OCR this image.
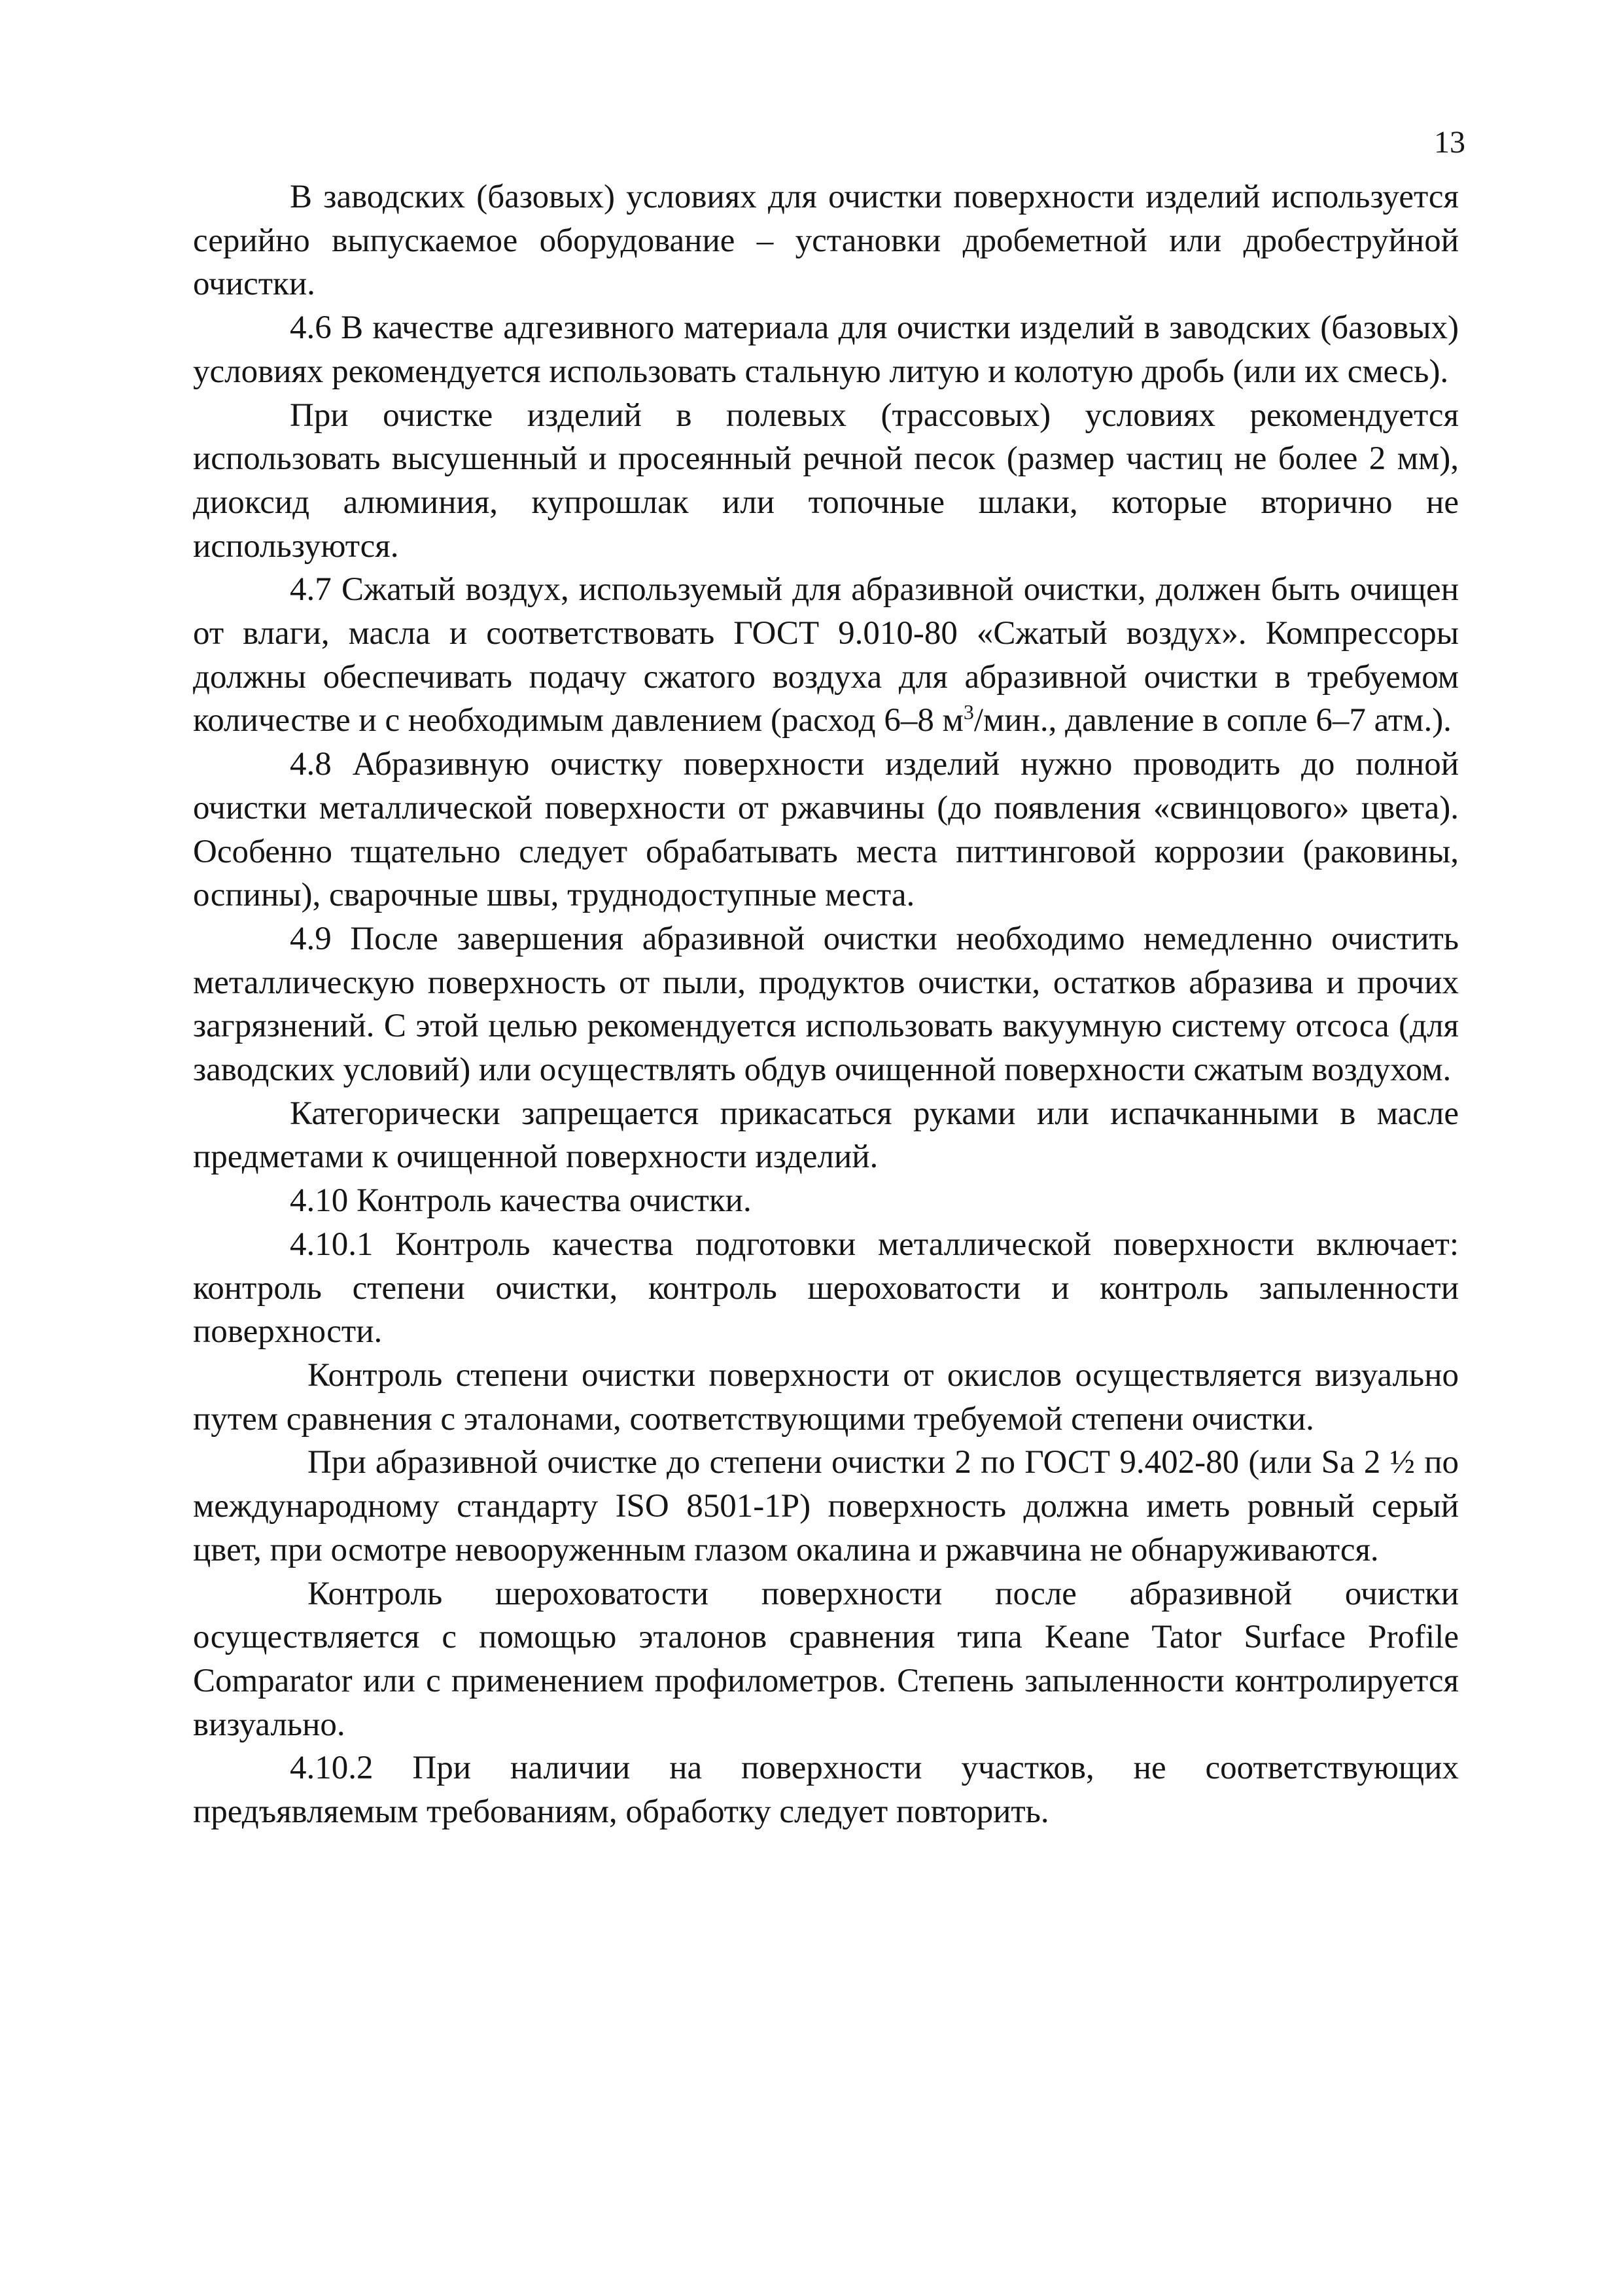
13

В заводских (базовых) условиях для очистки поверхности изделий используется серийно выпускаемое оборудование – установки дробеметной или дробеструйной очистки.

4.6 В качестве адгезивного материала для очистки изделий в заводских (базовых) условиях рекомендуется использовать стальную литую и колотую дробь (или их смесь).

При очистке изделий в полевых (трассовых) условиях рекомендуется использовать высушенный и просеянный речной песок (размер частиц не более 2 мм), диоксид алюминия, купрошлак или топочные шлаки, которые вторично не используются.

4.7 Сжатый воздух, используемый для абразивной очистки, должен быть очищен от влаги, масла и соответствовать ГОСТ 9.010-80 «Сжатый воздух». Компрессоры должны обеспечивать подачу сжатого воздуха для абразивной очистки в требуемом количестве и с необходимым давлением (расход 6–8 $м^3$/мин., давление в сопле 6–7 атм.).

4.8 Абразивную очистку поверхности изделий нужно проводить до полной очистки металлической поверхности от ржавчины (до появления «свинцового» цвета). Особенно тщательно следует обрабатывать места питтинговой коррозии (раковины, оспины), сварочные швы, труднодоступные места.

4.9 После завершения абразивной очистки необходимо немедленно очистить металлическую поверхность от пыли, продуктов очистки, остатков абразива и прочих загрязнений. С этой целью рекомендуется использовать вакуумную систему отсоса (для заводских условий) или осуществлять обдув очищенной поверхности сжатым воздухом.

Категорически запрещается прикасаться руками или испачканными в масле предметами к очищенной поверхности изделий.

4.10 Контроль качества очистки.

4.10.1 Контроль качества подготовки металлической поверхности включает: контроль степени очистки, контроль шероховатости и контроль запыленности поверхности.

Контроль степени очистки поверхности от окислов осуществляется визуально путем сравнения с эталонами, соответствующими требуемой степени очистки.

При абразивной очистке до степени очистки 2 по ГОСТ 9.402-80 (или Sa 2 ½ по международному стандарту ISO 8501-1P) поверхность должна иметь ровный серый цвет, при осмотре невооруженным глазом окалина и ржавчина не обнаруживаются.

Контроль шероховатости поверхности после абразивной очистки осуществляется с помощью эталонов сравнения типа Keane Tator Surface Profile Comparator или с применением профилометров. Степень запыленности контролируется визуально.

4.10.2 При наличии на поверхности участков, не соответствующих предъявляемым требованиям, обработку следует повторить.
